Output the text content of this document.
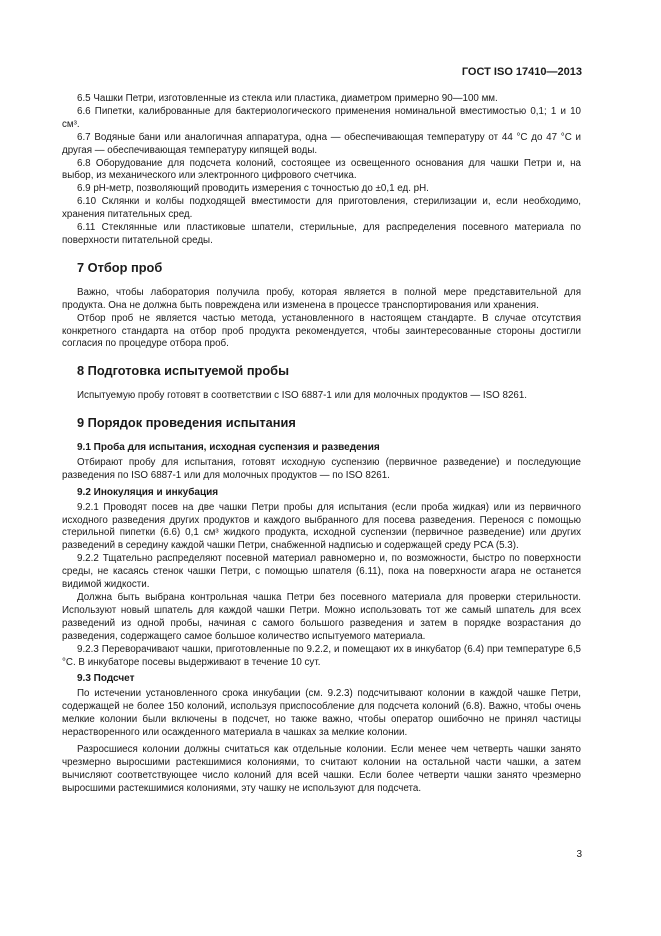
ГОСТ ISO 17410—2013

6.5 Чашки Петри, изготовленные из стекла или пластика, диаметром примерно 90—100 мм.

6.6 Пипетки, калиброванные для бактериологического применения номинальной вместимостью 0,1; 1 и 10 см³.

6.7 Водяные бани или аналогичная аппаратура, одна — обеспечивающая температуру от 44 °С до 47 °С и другая — обеспечивающая температуру кипящей воды.

6.8 Оборудование для подсчета колоний, состоящее из освещенного основания для чашки Петри и, на выбор, из механического или электронного цифрового счетчика.

6.9 рН-метр, позволяющий проводить измерения с точностью до ±0,1 ед. рН.

6.10 Склянки и колбы подходящей вместимости для приготовления, стерилизации и, если необходимо, хранения питательных сред.

6.11 Стеклянные или пластиковые шпатели, стерильные, для распределения посевного материала по поверхности питательной среды.

7 Отбор проб

Важно, чтобы лаборатория получила пробу, которая является в полной мере представительной для продукта. Она не должна быть повреждена или изменена в процессе транспортирования или хранения.

Отбор проб не является частью метода, установленного в настоящем стандарте. В случае отсутствия конкретного стандарта на отбор проб продукта рекомендуется, чтобы заинтересованные стороны достигли согласия по процедуре отбора проб.

8 Подготовка испытуемой пробы

Испытуемую пробу готовят в соответствии с ISO 6887-1 или для молочных продуктов — ISO 8261.

9 Порядок проведения испытания
9.1 Проба для испытания, исходная суспензия и разведения

Отбирают пробу для испытания, готовят исходную суспензию (первичное разведение) и последующие разведения по ISO 6887-1 или для молочных продуктов — по ISO 8261.

9.2 Инокуляция и инкубация

9.2.1 Проводят посев на две чашки Петри пробы для испытания (если проба жидкая) или из первичного исходного разведения других продуктов и каждого выбранного для посева разведения. Перенося с помощью стерильной пипетки (6.6) 0,1 см³ жидкого продукта, исходной суспензии (первичное разведение) или других разведений в середину каждой чашки Петри, снабженной надписью и содержащей среду PCA (5.3).

9.2.2 Тщательно распределяют посевной материал равномерно и, по возможности, быстро по поверхности среды, не касаясь стенок чашки Петри, с помощью шпателя (6.11), пока на поверхности агара не останется видимой жидкости.

Должна быть выбрана контрольная чашка Петри без посевного материала для проверки стерильности. Используют новый шпатель для каждой чашки Петри. Можно использовать тот же самый шпатель для всех разведений из одной пробы, начиная с самого большого разведения и затем в порядке возрастания до разведения, содержащего самое большое количество испытуемого материала.

9.2.3 Переворачивают чашки, приготовленные по 9.2.2, и помещают их в инкубатор (6.4) при температуре 6,5 °С. В инкубаторе посевы выдерживают в течение 10 сут.

9.3 Подсчет

По истечении установленного срока инкубации (см. 9.2.3) подсчитывают колонии в каждой чашке Петри, содержащей не более 150 колоний, используя приспособление для подсчета колоний (6.8). Важно, чтобы очень мелкие колонии были включены в подсчет, но также важно, чтобы оператор ошибочно не принял частицы нерастворенного или осажденного материала в чашках за мелкие колонии.

Разросшиеся колонии должны считаться как отдельные колонии. Если менее чем четверть чашки занято чрезмерно выросшими растекшимися колониями, то считают колонии на остальной части чашки, а затем вычисляют соответствующее число колоний для всей чашки. Если более четверти чашки занято чрезмерно выросшими растекшимися колониями, эту чашку не используют для подсчета.

3
